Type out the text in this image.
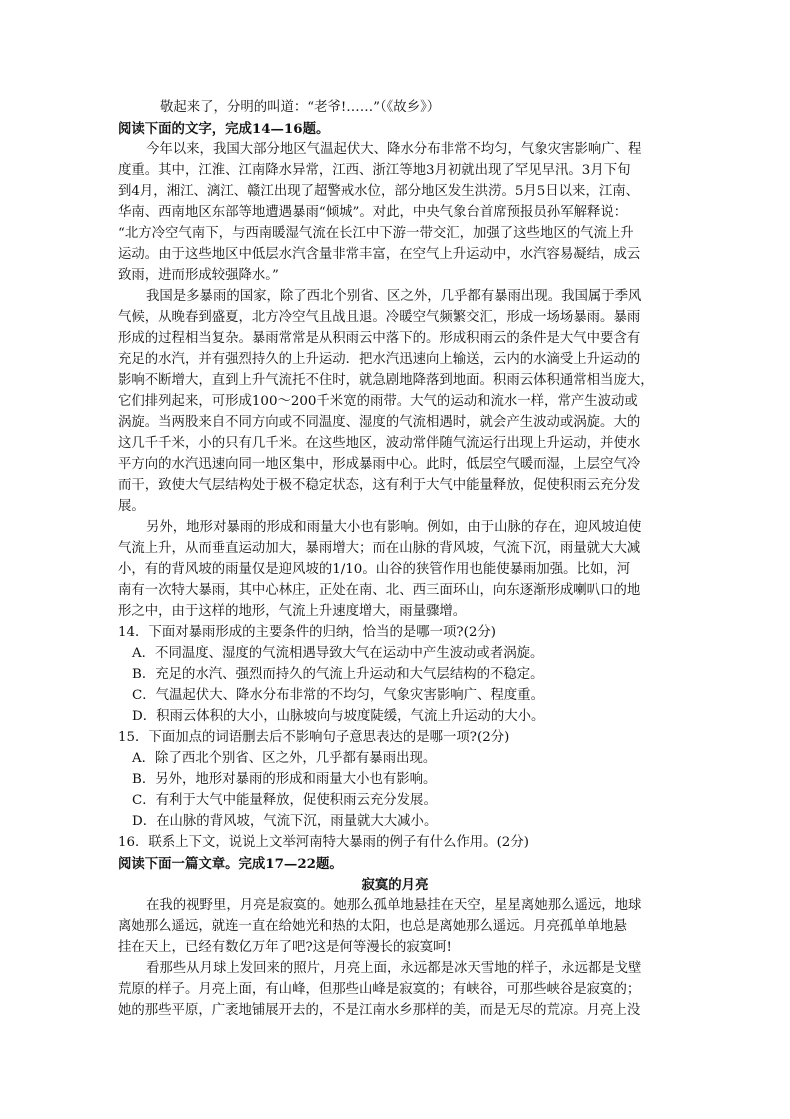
敬起来了，分明的叫道：“老爷!……”（《故乡》）
阅读下面的文字，完成14—16题。
今年以来，我国大部分地区气温起伏大、降水分布非常不均匀，气象灾害影响广、程
度重。其中，江淮、江南降水异常，江西、浙江等地3月初就出现了罕见早汛。3月下旬
到4月，湘江、漓江、赣江出现了超警戒水位，部分地区发生洪涝。5月5日以来，江南、
华南、西南地区东部等地遭遇暴雨“倾城”。对此，中央气象台首席预报员孙军解释说：
“北方冷空气南下，与西南暖湿气流在长江中下游一带交汇，加强了这些地区的气流上升
运动。由于这些地区中低层水汽含量非常丰富，在空气上升运动中，水汽容易凝结，成云
致雨，进而形成较强降水。”
我国是多暴雨的国家，除了西北个别省、区之外，几乎都有暴雨出现。我国属于季风
气候，从晚春到盛夏，北方冷空气且战且退。冷暖空气频繁交汇，形成一场场暴雨。暴雨
形成的过程相当复杂。暴雨常常是从积雨云中落下的。形成积雨云的条件是大气中要含有
充足的水汽，并有强烈持久的上升运动．把水汽迅速向上输送，云内的水滴受上升运动的
影响不断增大，直到上升气流托不住时，就急剧地降落到地面。积雨云体积通常相当庞大，
它们排列起来，可形成100～200千米宽的雨带。大气的运动和流水一样，常产生波动或
涡旋。当两股来自不同方向或不同温度、湿度的气流相遇时，就会产生波动或涡旋。大的
这几千千米，小的只有几千米。在这些地区，波动常伴随气流运行出现上升运动，并使水
平方向的水汽迅速向同一地区集中，形成暴雨中心。此时，低层空气暖而湿，上层空气冷
而干，致使大气层结构处于极不稳定状态，这有利于大气中能量释放，促使积雨云充分发
展。
另外，地形对暴雨的形成和雨量大小也有影响。例如，由于山脉的存在，迎风坡迫使
气流上升，从而垂直运动加大，暴雨增大；而在山脉的背风坡，气流下沉，雨量就大大减
小，有的背风坡的雨量仅是迎风坡的1/10。山谷的狭管作用也能使暴雨加强。比如，河
南有一次特大暴雨，其中心林庄，正处在南、北、西三面环山，向东逐渐形成喇叭口的地
形之中，由于这样的地形，气流上升速度增大，雨量骤增。
14．下面对暴雨形成的主要条件的归纳，恰当的是哪一项?(2分)
A．不同温度、湿度的气流相遇导致大气在运动中产生波动或者涡旋。
B．充足的水汽、强烈而持久的气流上升运动和大气层结构的不稳定。
C．气温起伏大、降水分布非常的不均匀，气象灾害影响广、程度重。
D．积雨云体积的大小，山脉坡向与坡度陡缓，气流上升运动的大小。
15．下面加点的词语删去后不影响句子意思表达的是哪一项?(2分)
A．除了西北个别省、区之外，几乎都有暴雨出现。
B．另外，地形对暴雨的形成和雨量大小也有影响。
C．有利于大气中能量释放，促使积雨云充分发展。
D．在山脉的背风坡，气流下沉，雨量就大大减小。
16．联系上下文，说说上文举河南特大暴雨的例子有什么作用。(2分)
阅读下面一篇文章。完成17—22题。
寂寞的月亮
在我的视野里，月亮是寂寞的。她那么孤单地悬挂在天空，星星离她那么遥远，地球
离她那么遥远，就连一直在给她光和热的太阳，也总是离她那么遥远。月亮孤单单地悬
挂在天上，已经有数亿万年了吧?这是何等漫长的寂寞呵!
看那些从月球上发回来的照片，月亮上面，永远都是冰天雪地的样子，永远都是戈壁
荒原的样子。月亮上面，有山峰，但那些山峰是寂寞的；有峡谷，可那些峡谷是寂寞的；
她的那些平原，广袤地铺展开去的，不是江南水乡那样的美，而是无尽的荒凉。月亮上没
